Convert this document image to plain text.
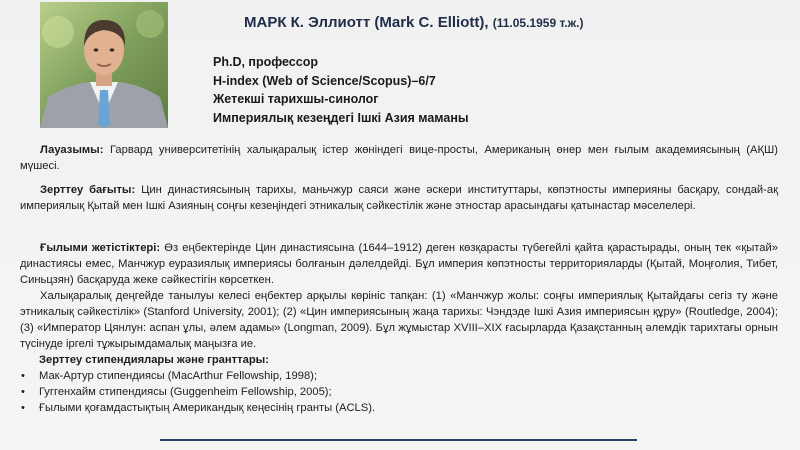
МАРК К. Эллиотт (Mark C. Elliott), (11.05.1959 т.ж.)
Ph.D, профессор
H-index (Web of Science/Scopus)–6/7
Жетекші тарихшы-синолог
Империялық кезеңдегі Ішкі Азия маманы

Лауазымы: Гарвард университетінің халықаралық істер жөніндегі вице-просты, Американың өнер мен ғылым академиясының (АҚШ) мүшесі.

Зерттеу бағыты: Цин династиясының тарихы, маньчжур саяси және әскери институттары, көпэтносты империяны басқару, сондай-ақ империялық Қытай мен Ішкі Азияның соңғы кезеңіндегі этникалық сәйкестілік және этностар арасындағы қатынастар мәселелері.

Ғылыми жетістіктері: Өз еңбектерінде Цин династиясына (1644–1912) деген көзқарасты түбегейлі қайта қарастырады, оның тек «қытай» династиясы емес, Манчжур еуразиялық империясы болғанын дәлелдейді. Бұл империя көпэтносты территорияларды (Қытай, Моңғолия, Тибет, Синьцзян) басқаруда жеке сәйкестігін көрсеткен.

Халықаралық деңгейде танылуы келесі еңбектер арқылы көрініс тапқан: (1) «Манчжур жолы: соңғы империялық Қытайдағы сегіз ту және этникалық сәйкестілік» (Stanford University, 2001); (2) «Цин империясының жаңа тарихы: Чэндэде Ішкі Азия империясын құру» (Routledge, 2004); (3) «Император Цянлун: аспан ұлы, әлем адамы» (Longman, 2009). Бұл жұмыстар XVIII–XIX ғасырларда Қазақстанның әлемдік тарихтағы орнын түсінуде іргелі тұжырымдамалық маңызға ие.

Зерттеу стипендиялары және гранттары:
• Мак-Артур стипендиясы (MacArthur Fellowship, 1998);
• Гуггенхайм стипендиясы (Guggenheim Fellowship, 2005);
• Ғылыми қоғамдастықтың Американдық кеңесінің гранты (ACLS).
